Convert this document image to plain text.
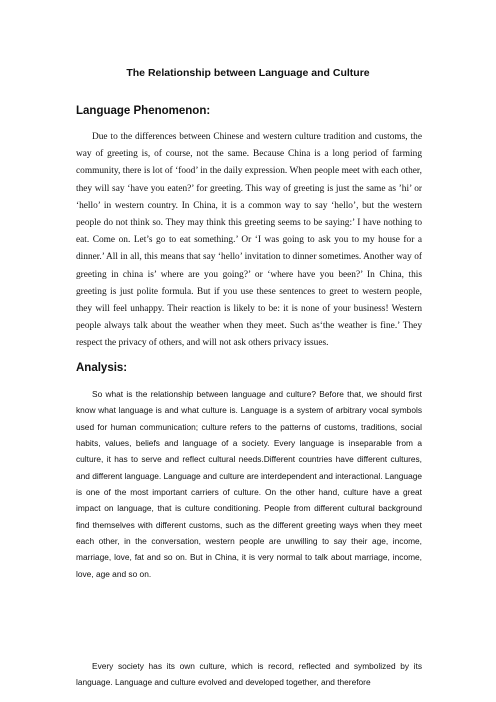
The Relationship between Language and Culture
Language Phenomenon:

Due to the differences between Chinese and western culture tradition and customs, the way of greeting is, of course, not the same. Because China is a long period of farming community, there is lot of ‘food’ in the daily expression. When people meet with each other, they will say ‘have you eaten?’ for greeting. This way of greeting is just the same as ’hi’ or ‘hello’ in western country. In China, it is a common way to say ‘hello’, but the western people do not think so. They may think this greeting seems to be saying:’ I have nothing to eat. Come on. Let’s go to eat something.’ Or ‘I was going to ask you to my house for a dinner.’ All in all, this means that say ‘hello’ invitation to dinner sometimes. Another way of greeting in china is’ where are you going?’ or ‘where have you been?’ In China, this greeting is just polite formula. But if you use these sentences to greet to western people, they will feel unhappy. Their reaction is likely to be: it is none of your business! Western people always talk about the weather when they meet. Such as‘the weather is fine.’ They respect the privacy of others, and will not ask others privacy issues.

Analysis:

So what is the relationship between language and culture? Before that, we should first know what language is and what culture is. Language is a system of arbitrary vocal symbols used for human communication; culture refers to the patterns of customs, traditions, social habits, values, beliefs and language of a society. Every language is inseparable from a culture, it has to serve and reflect cultural needs.Different countries have different cultures, and different language. Language and culture are interdependent and interactional. Language is one of the most important carriers of culture. On the other hand, culture have a great impact on language, that is culture conditioning. People from different cultural background find themselves with different customs, such as the different greeting ways when they meet each other, in the conversation, western people are unwilling to say their age, income, marriage, love, fat and so on. But in China, it is very normal to talk about marriage, income, love, age and so on.

Every society has its own culture, which is record, reflected and symbolized by its language. Language and culture evolved and developed together, and therefore
